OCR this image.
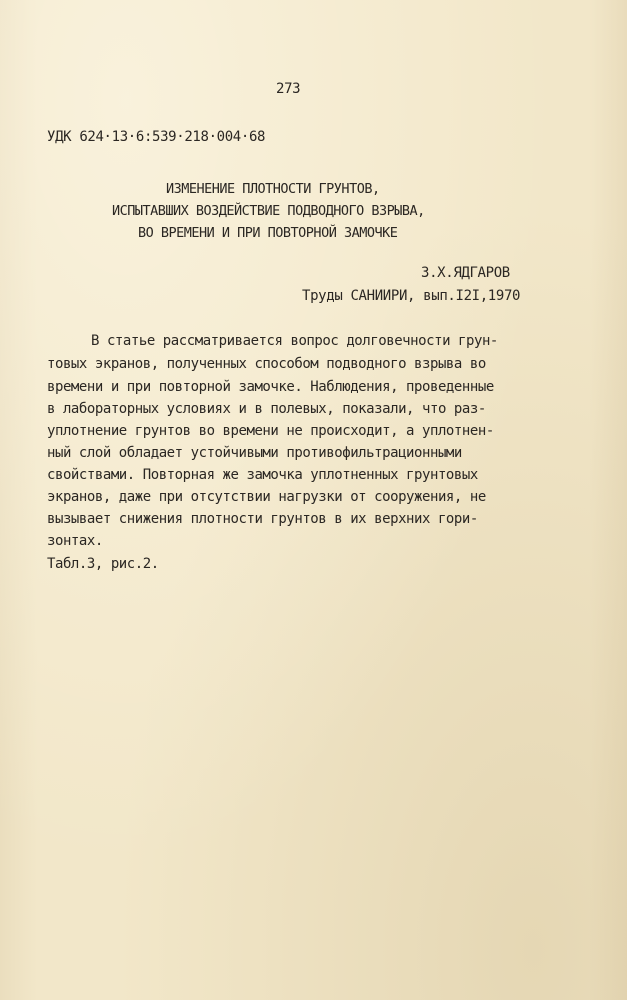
273
УДК 624·13·6:539·218·004·68
ИЗМЕНЕНИЕ ПЛОТНОСТИ ГРУНТОВ,
ИСПЫТАВШИХ ВОЗДЕЙСТВИЕ ПОДВОДНОГО ВЗРЫВА,
ВО ВРЕМЕНИ И ПРИ ПОВТОРНОЙ ЗАМОЧКЕ
З.Х.ЯДГАРОВ
Труды САНИИРИ, вып.I2I,1970
В статье рассматривается вопрос долговечности грун-
товых экранов, полученных способом подводного взрыва во
времени и при повторной замочке. Наблюдения, проведенные
в лабораторных условиях и в полевых, показали, что раз-
уплотнение грунтов во времени не происходит, а уплотнен-
ный слой обладает устойчивыми противофильтрационными
свойствами. Повторная же замочка уплотненных грунтовых
экранов, даже при отсутствии нагрузки от сооружения, не
вызывает снижения плотности грунтов в их верхних гори-
зонтах.
Табл.3, рис.2.
